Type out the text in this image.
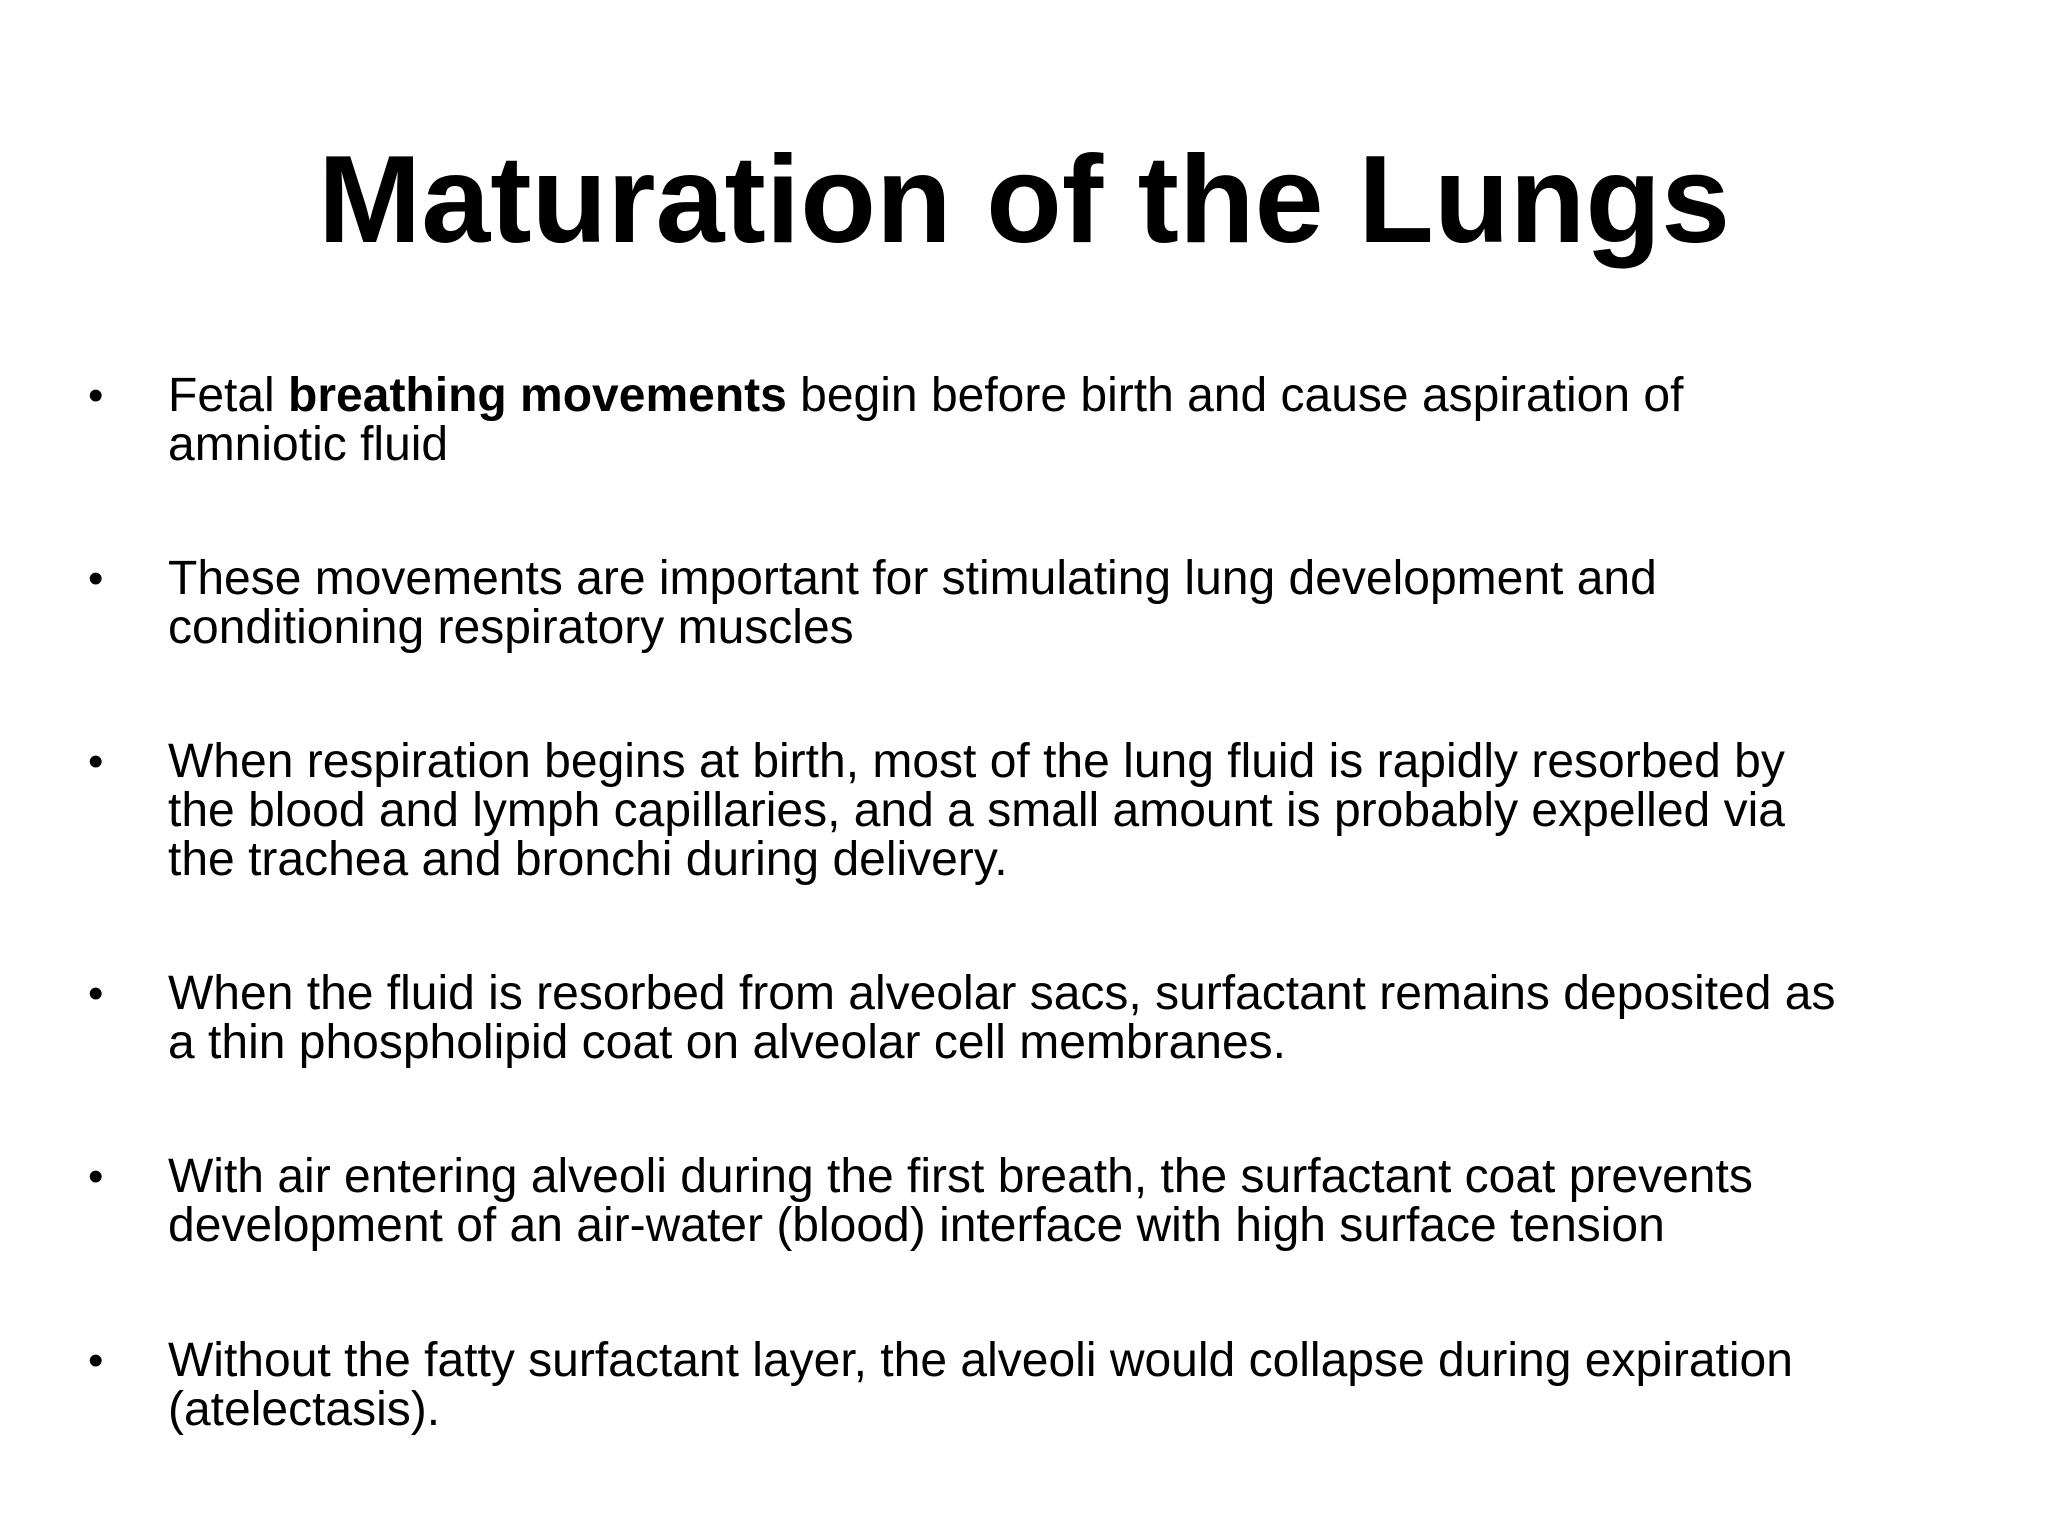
Maturation of the Lungs
• Fetal breathing movements begin before birth and cause aspiration of
amniotic fluid
• These movements are important for stimulating lung development and
conditioning respiratory muscles
• When respiration begins at birth, most of the lung fluid is rapidly resorbed by
the blood and lymph capillaries, and a small amount is probably expelled via
the trachea and bronchi during delivery.
• When the fluid is resorbed from alveolar sacs, surfactant remains deposited as
a thin phospholipid coat on alveolar cell membranes.
• With air entering alveoli during the first breath, the surfactant coat prevents
development of an air-water (blood) interface with high surface tension
• Without the fatty surfactant layer, the alveoli would collapse during expiration
(atelectasis).
